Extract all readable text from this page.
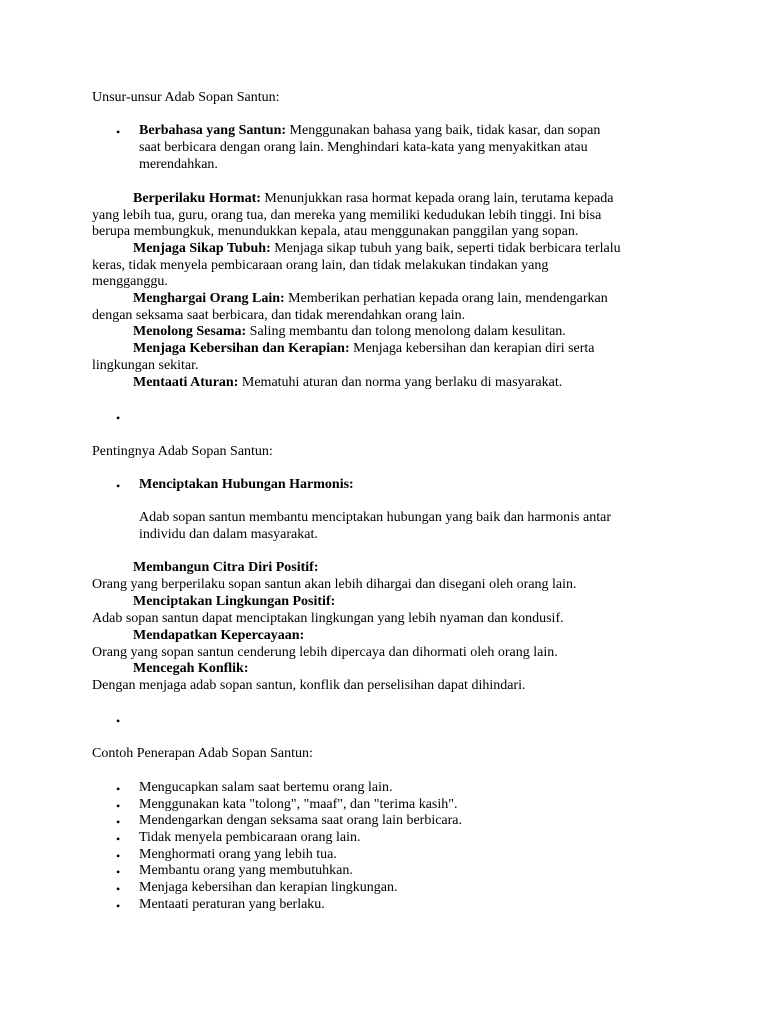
Unsur-unsur Adab Sopan Santun:
•
Berbahasa yang Santun: Menggunakan bahasa yang baik, tidak kasar, dan sopan
saat berbicara dengan orang lain. Menghindari kata-kata yang menyakitkan atau
merendahkan.
Berperilaku Hormat: Menunjukkan rasa hormat kepada orang lain, terutama kepada
yang lebih tua, guru, orang tua, dan mereka yang memiliki kedudukan lebih tinggi. Ini bisa
berupa membungkuk, menundukkan kepala, atau menggunakan panggilan yang sopan.
Menjaga Sikap Tubuh: Menjaga sikap tubuh yang baik, seperti tidak berbicara terlalu
keras, tidak menyela pembicaraan orang lain, dan tidak melakukan tindakan yang
mengganggu.
Menghargai Orang Lain: Memberikan perhatian kepada orang lain, mendengarkan
dengan seksama saat berbicara, dan tidak merendahkan orang lain.
Menolong Sesama: Saling membantu dan tolong menolong dalam kesulitan.
Menjaga Kebersihan dan Kerapian: Menjaga kebersihan dan kerapian diri serta
lingkungan sekitar.
Mentaati Aturan: Mematuhi aturan dan norma yang berlaku di masyarakat.
•
Pentingnya Adab Sopan Santun:
•
Menciptakan Hubungan Harmonis:
Adab sopan santun membantu menciptakan hubungan yang baik dan harmonis antar
individu dan dalam masyarakat.
Membangun Citra Diri Positif:
Orang yang berperilaku sopan santun akan lebih dihargai dan disegani oleh orang lain.
Menciptakan Lingkungan Positif:
Adab sopan santun dapat menciptakan lingkungan yang lebih nyaman dan kondusif.
Mendapatkan Kepercayaan:
Orang yang sopan santun cenderung lebih dipercaya dan dihormati oleh orang lain.
Mencegah Konflik:
Dengan menjaga adab sopan santun, konflik dan perselisihan dapat dihindari.
•
Contoh Penerapan Adab Sopan Santun:
•
Mengucapkan salam saat bertemu orang lain.
•
Menggunakan kata "tolong", "maaf", dan "terima kasih".
•
Mendengarkan dengan seksama saat orang lain berbicara.
•
Tidak menyela pembicaraan orang lain.
•
Menghormati orang yang lebih tua.
•
Membantu orang yang membutuhkan.
•
Menjaga kebersihan dan kerapian lingkungan.
•
Mentaati peraturan yang berlaku.
